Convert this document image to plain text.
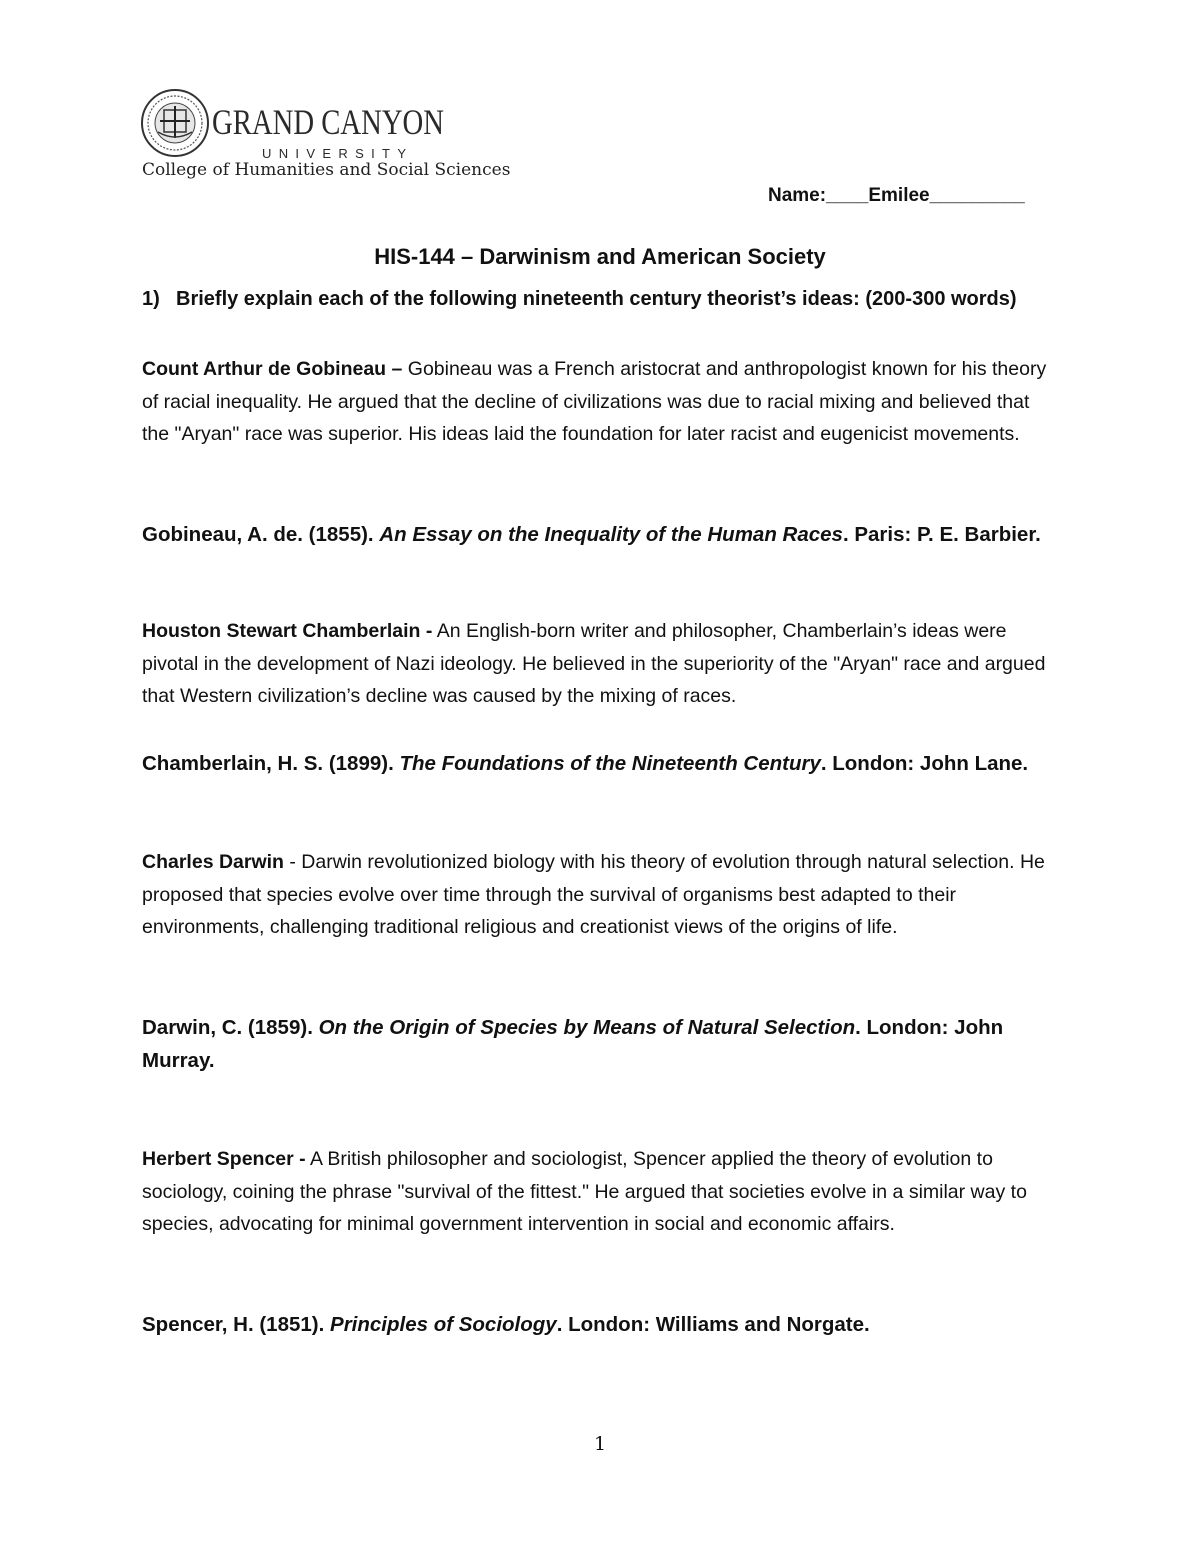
GRAND CANYON
UNIVERSITY
College of Humanities and Social Sciences
Name:____Emilee_________
HIS-144 – Darwinism and American Society

1) Briefly explain each of the following nineteenth century theorist’s ideas: (200-300 words)

Count Arthur de Gobineau – Gobineau was a French aristocrat and anthropologist known for his theory of racial inequality. He argued that the decline of civilizations was due to racial mixing and believed that the "Aryan" race was superior. His ideas laid the foundation for later racist and eugenicist movements.

Gobineau, A. de. (1855). An Essay on the Inequality of the Human Races. Paris: P. E. Barbier.

Houston Stewart Chamberlain - An English-born writer and philosopher, Chamberlain’s ideas were pivotal in the development of Nazi ideology. He believed in the superiority of the "Aryan" race and argued that Western civilization’s decline was caused by the mixing of races.

Chamberlain, H. S. (1899). The Foundations of the Nineteenth Century. London: John Lane.

Charles Darwin - Darwin revolutionized biology with his theory of evolution through natural selection. He proposed that species evolve over time through the survival of organisms best adapted to their environments, challenging traditional religious and creationist views of the origins of life.

Darwin, C. (1859). On the Origin of Species by Means of Natural Selection. London: John Murray.

Herbert Spencer - A British philosopher and sociologist, Spencer applied the theory of evolution to sociology, coining the phrase "survival of the fittest." He argued that societies evolve in a similar way to species, advocating for minimal government intervention in social and economic affairs.

Spencer, H. (1851). Principles of Sociology. London: Williams and Norgate.

1
